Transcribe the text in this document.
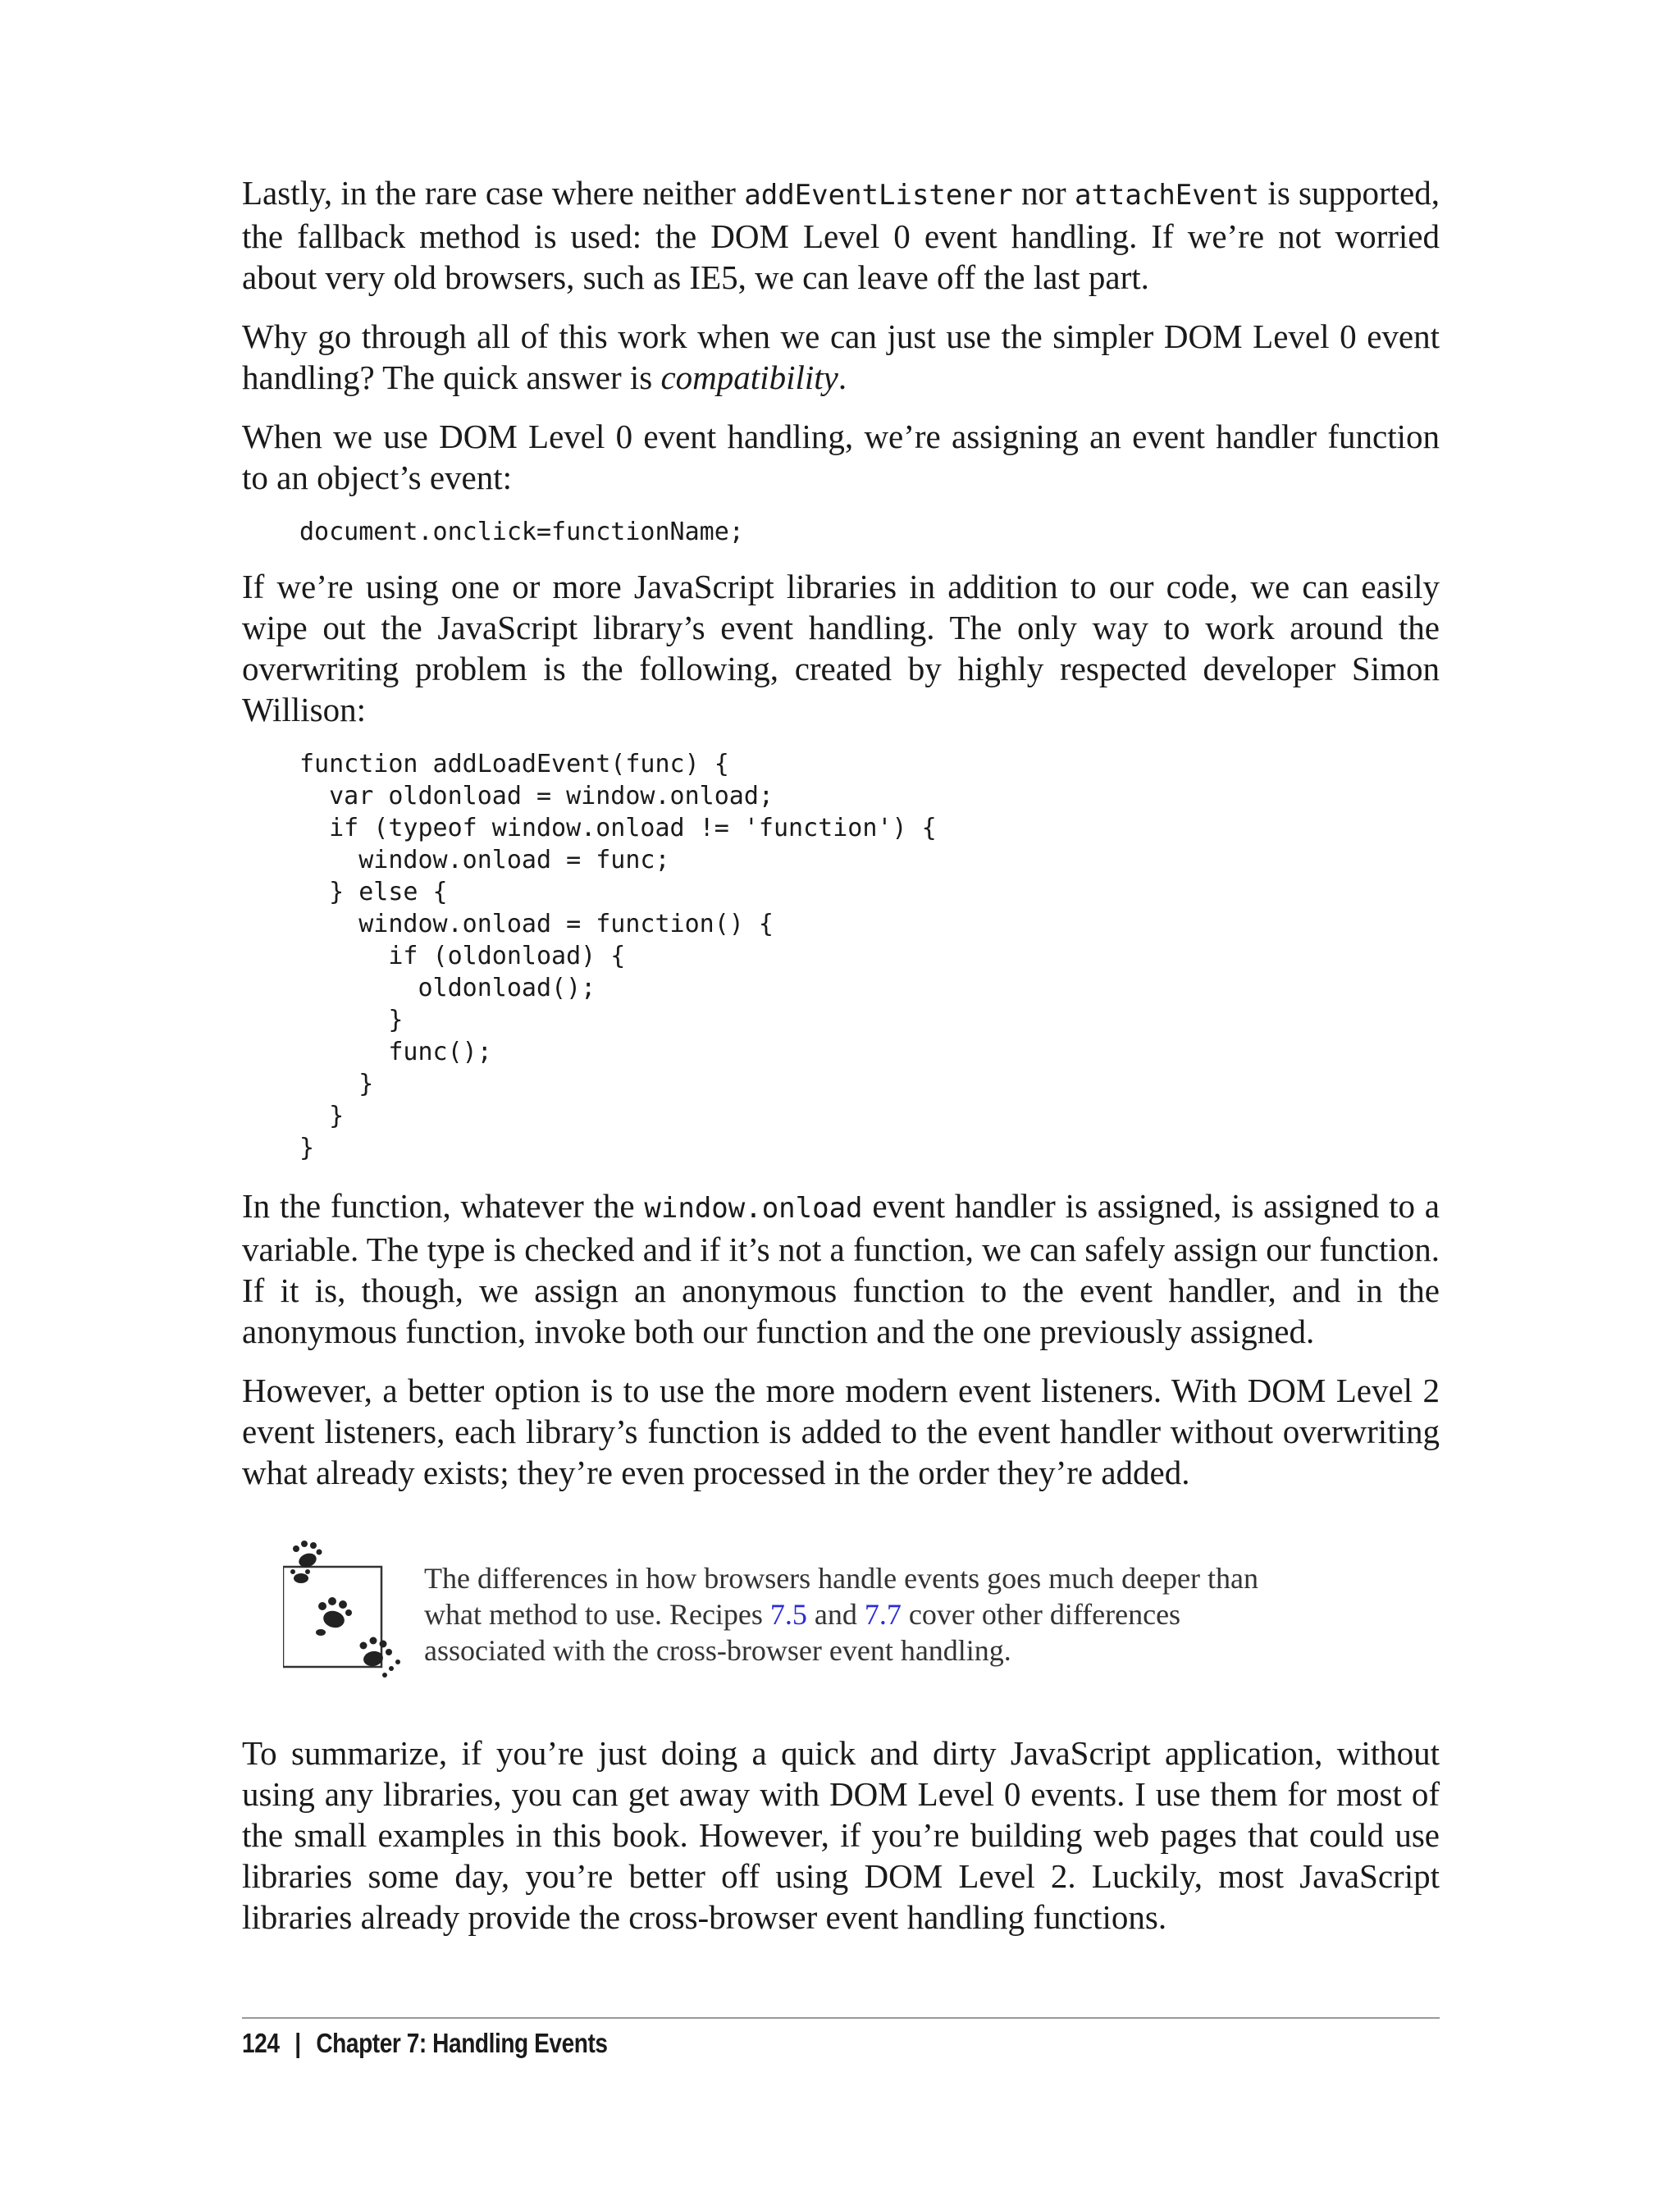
Lastly, in the rare case where neither addEventListener nor attachEvent is supported, the fallback method is used: the DOM Level 0 event handling. If we’re not worried about very old browsers, such as IE5, we can leave off the last part.

Why go through all of this work when we can just use the simpler DOM Level 0 event handling? The quick answer is compatibility.

When we use DOM Level 0 event handling, we’re assigning an event handler function to an object’s event:

document.onclick=functionName;

If we’re using one or more JavaScript libraries in addition to our code, we can easily wipe out the JavaScript library’s event handling. The only way to work around the overwriting problem is the following, created by highly respected developer Simon Willison:

function addLoadEvent(func) {
var oldonload = window.onload;
if (typeof window.onload != 'function') {
window.onload = func;
} else {
window.onload = function() {
if (oldonload) {
oldonload();
}
func();
}
}
}

In the function, whatever the window.onload event handler is assigned, is assigned to a variable. The type is checked and if it’s not a function, we can safely assign our function. If it is, though, we assign an anonymous function to the event handler, and in the anonymous function, invoke both our function and the one previously assigned.

However, a better option is to use the more modern event listeners. With DOM Level 2 event listeners, each library’s function is added to the event handler without overwriting what already exists; they’re even processed in the order they’re added.

The differences in how browsers handle events goes much deeper than what method to use. Recipes 7.5 and 7.7 cover other differences associated with the cross-browser event handling.

To summarize, if you’re just doing a quick and dirty JavaScript application, without using any libraries, you can get away with DOM Level 0 events. I use them for most of the small examples in this book. However, if you’re building web pages that could use libraries some day, you’re better off using DOM Level 2. Luckily, most JavaScript libraries already provide the cross-browser event handling functions.

124 | Chapter 7: Handling Events
